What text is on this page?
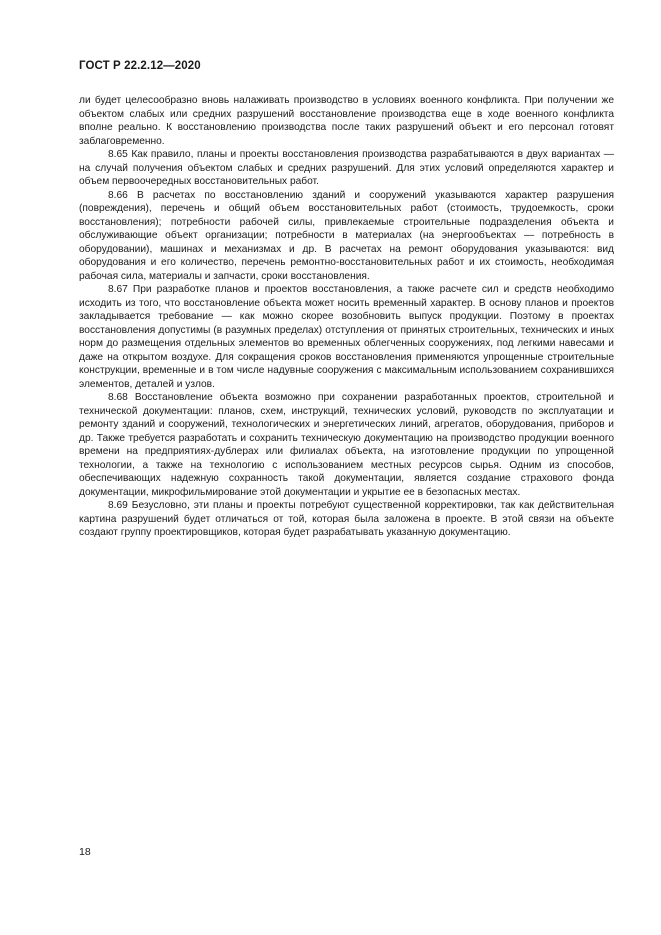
ГОСТ Р 22.2.12—2020

ли будет целесообразно вновь налаживать производство в условиях военного конфликта. При получении же объектом слабых или средних разрушений восстановление производства еще в ходе военного конфликта вполне реально. К восстановлению производства после таких разрушений объект и его персонал готовят заблаговременно.

8.65 Как правило, планы и проекты восстановления производства разрабатываются в двух вариантах — на случай получения объектом слабых и средних разрушений. Для этих условий определяются характер и объем первоочередных восстановительных работ.

8.66 В расчетах по восстановлению зданий и сооружений указываются характер разрушения (повреждения), перечень и общий объем восстановительных работ (стоимость, трудоемкость, сроки восстановления); потребности рабочей силы, привлекаемые строительные подразделения объекта и обслуживающие объект организации; потребности в материалах (на энергообъектах — потребность в оборудовании), машинах и механизмах и др. В расчетах на ремонт оборудования указываются: вид оборудования и его количество, перечень ремонтно-восстановительных работ и их стоимость, необходимая рабочая сила, материалы и запчасти, сроки восстановления.

8.67 При разработке планов и проектов восстановления, а также расчете сил и средств необходимо исходить из того, что восстановление объекта может носить временный характер. В основу планов и проектов закладывается требование — как можно скорее возобновить выпуск продукции. Поэтому в проектах восстановления допустимы (в разумных пределах) отступления от принятых строительных, технических и иных норм до размещения отдельных элементов во временных облегченных сооружениях, под легкими навесами и даже на открытом воздухе. Для сокращения сроков восстановления применяются упрощенные строительные конструкции, временные и в том числе надувные сооружения с максимальным использованием сохранившихся элементов, деталей и узлов.

8.68 Восстановление объекта возможно при сохранении разработанных проектов, строительной и технической документации: планов, схем, инструкций, технических условий, руководств по эксплуатации и ремонту зданий и сооружений, технологических и энергетических линий, агрегатов, оборудования, приборов и др. Также требуется разработать и сохранить техническую документацию на производство продукции военного времени на предприятиях-дублерах или филиалах объекта, на изготовление продукции по упрощенной технологии, а также на технологию с использованием местных ресурсов сырья. Одним из способов, обеспечивающих надежную сохранность такой документации, является создание страхового фонда документации, микрофильмирование этой документации и укрытие ее в безопасных местах.

8.69 Безусловно, эти планы и проекты потребуют существенной корректировки, так как действительная картина разрушений будет отличаться от той, которая была заложена в проекте. В этой связи на объекте создают группу проектировщиков, которая будет разрабатывать указанную документацию.

18
